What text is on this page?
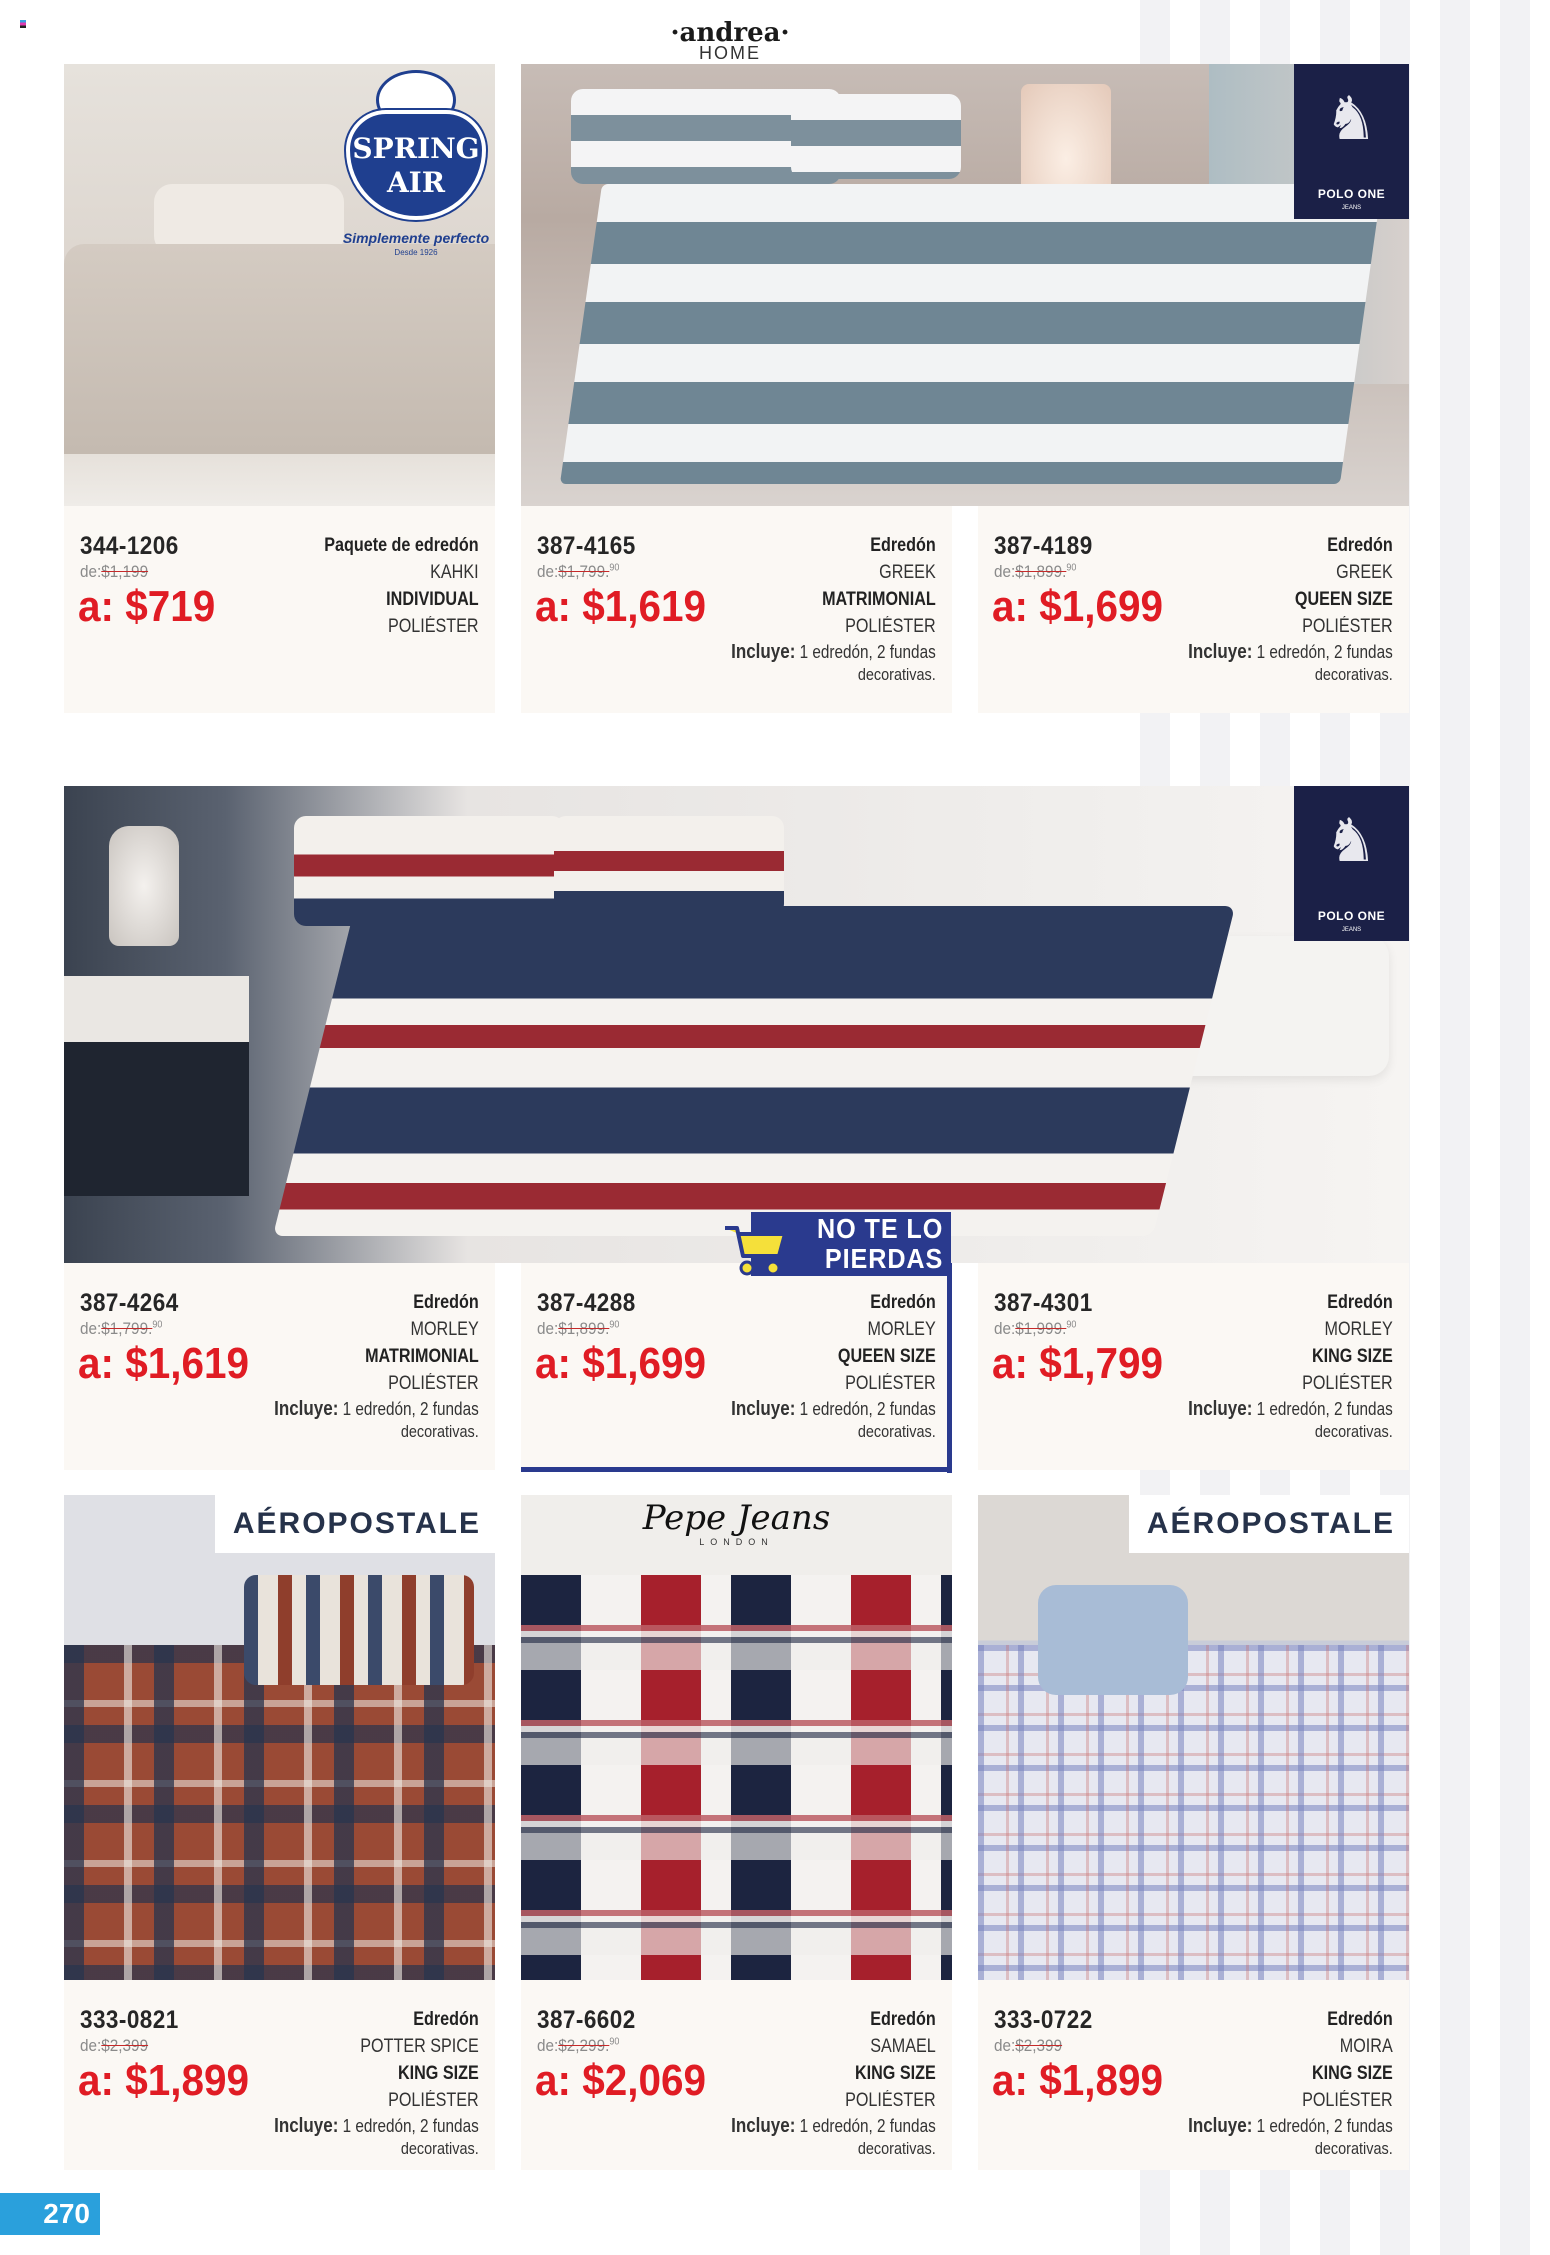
·andrea·
HOME
SPRING
AIR
Simplemente perfecto
Desde 1926
♞
POLO ONE
JEANS
♞
POLO ONE
JEANS
AÉROPOSTALE	Pepe Jeans
LONDON
AÉROPOSTALE
344-1206
de:$1,199
a: $719
Paquete de edredón
KAHKI
INDIVIDUAL
POLIÉSTER
387-4165
de:$1,799.90
a: $1,619
Edredón
GREEK
MATRIMONIAL
POLIÉSTER
Incluye: 1 edredón, 2 fundas
decorativas.
387-4189
de:$1,899.90
a: $1,699
Edredón
GREEK
QUEEN SIZE
POLIÉSTER
Incluye: 1 edredón, 2 fundas
decorativas.
387-4264
de:$1,799.90
a: $1,619
Edredón
MORLEY
MATRIMONIAL
POLIÉSTER
Incluye: 1 edredón, 2 fundas
decorativas.
387-4288
de:$1,899.90
a: $1,699
Edredón
MORLEY
QUEEN SIZE
POLIÉSTER
Incluye: 1 edredón, 2 fundas
decorativas.
387-4301
de:$1,999.90
a: $1,799
Edredón
MORLEY
KING SIZE
POLIÉSTER
Incluye: 1 edredón, 2 fundas
decorativas.
333-0821
de:$2,399
a: $1,899
Edredón
POTTER SPICE
KING SIZE
POLIÉSTER
Incluye: 1 edredón, 2 fundas
decorativas.
387-6602
de:$2,299.90
a: $2,069
Edredón
SAMAEL
KING SIZE
POLIÉSTER
Incluye: 1 edredón, 2 fundas
decorativas.
333-0722
de:$2,399
a: $1,899
Edredón
MOIRA
KING SIZE
POLIÉSTER
Incluye: 1 edredón, 2 fundas
decorativas.
NO TE LO
PIERDAS
270
